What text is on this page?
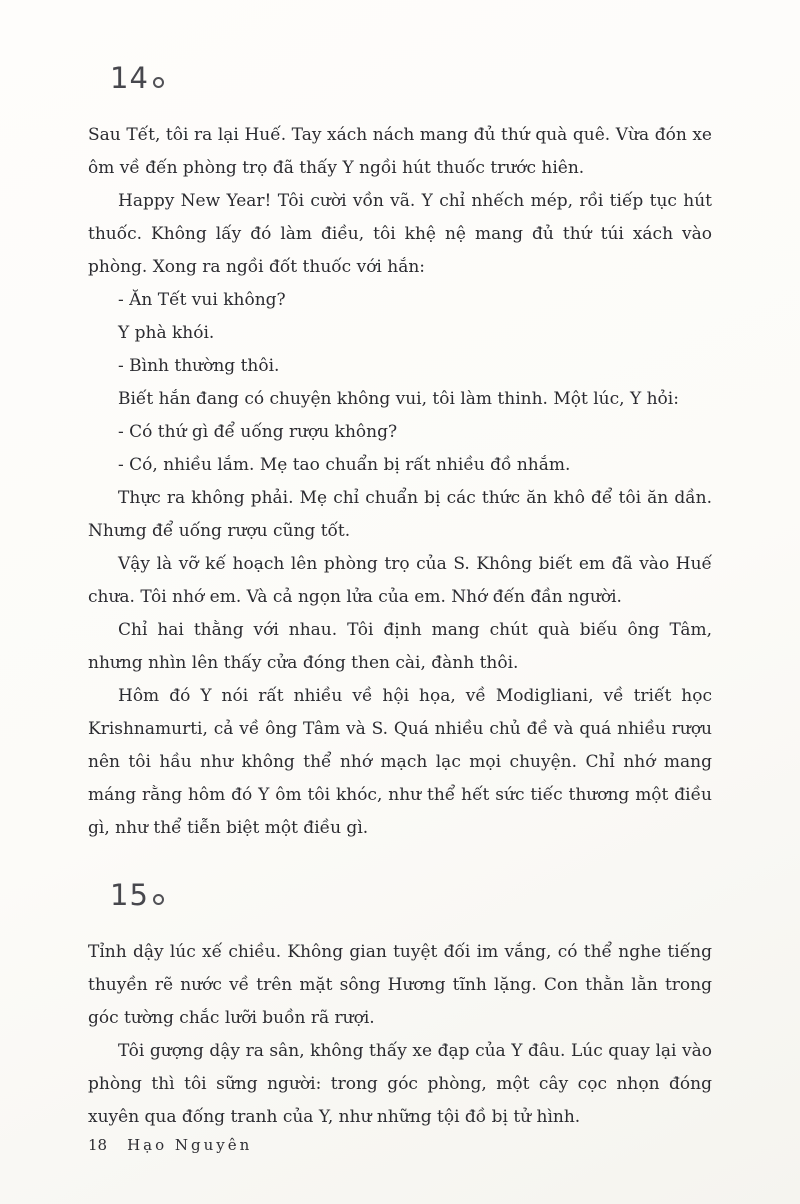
14

Sau Tết, tôi ra lại Huế. Tay xách nách mang đủ thứ quà quê. Vừa đón xe ôm về đến phòng trọ đã thấy Y ngồi hút thuốc trước hiên.

Happy New Year! Tôi cười vồn vã. Y chỉ nhếch mép, rồi tiếp tục hút thuốc. Không lấy đó làm điều, tôi khệ nệ mang đủ thứ túi xách vào phòng. Xong ra ngồi đốt thuốc với hắn:

- Ăn Tết vui không?

Y phà khói.

- Bình thường thôi.

Biết hắn đang có chuyện không vui, tôi làm thinh. Một lúc, Y hỏi:

- Có thứ gì để uống rượu không?

- Có, nhiều lắm. Mẹ tao chuẩn bị rất nhiều đồ nhắm.

Thực ra không phải. Mẹ chỉ chuẩn bị các thức ăn khô để tôi ăn dần. Nhưng để uống rượu cũng tốt.

Vậy là vỡ kế hoạch lên phòng trọ của S. Không biết em đã vào Huế chưa. Tôi nhớ em. Và cả ngọn lửa của em. Nhớ đến đần người.

Chỉ hai thằng với nhau. Tôi định mang chút quà biếu ông Tâm, nhưng nhìn lên thấy cửa đóng then cài, đành thôi.

Hôm đó Y nói rất nhiều về hội họa, về Modigliani, về triết học Krishnamurti, cả về ông Tâm và S. Quá nhiều chủ đề và quá nhiều rượu nên tôi hầu như không thể nhớ mạch lạc mọi chuyện. Chỉ nhớ mang máng rằng hôm đó Y ôm tôi khóc, như thể hết sức tiếc thương một điều gì, như thể tiễn biệt một điều gì.

15

Tỉnh dậy lúc xế chiều. Không gian tuyệt đối im vắng, có thể nghe tiếng thuyền rẽ nước về trên mặt sông Hương tĩnh lặng. Con thằn lằn trong góc tường chắc lưỡi buồn rã rượi.

Tôi gượng dậy ra sân, không thấy xe đạp của Y đâu. Lúc quay lại vào phòng thì tôi sững người: trong góc phòng, một cây cọc nhọn đóng xuyên qua đống tranh của Y, như những tội đồ bị tử hình.

18 Hạo Nguyên
